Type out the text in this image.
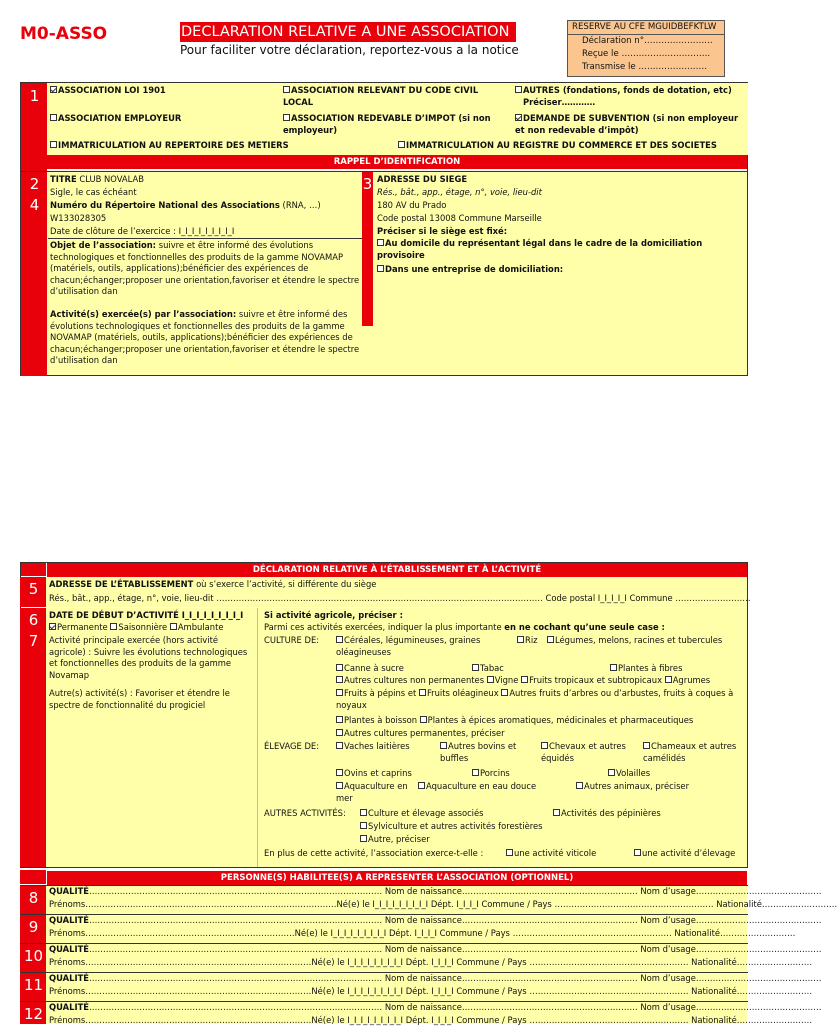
M0-ASSO	DECLARATION RELATIVE A UNE ASSOCIATION
Pour faciliter votre déclaration, reportez-vous a la notice
RESERVE AU CFE MGUIDBEFKTLW
Déclaration n°……………………
Reçue le ………………………….
Transmise le ……………………
1	ASSOCIATION LOI 1901	ASSOCIATION RELEVANT DU CODE CIVIL LOCAL
AUTRES (fondations, fonds de dotation, etc)
Préciser…………
ASSOCIATION EMPLOYEUR	ASSOCIATION REDEVABLE D’IMPOT (si non employeur)
DEMANDE DE SUBVENTION (si non employeur et non redevable d’impôt)
IMMATRICULATION AU REPERTOIRE DES METIERS	IMMATRICULATION AU REGISTRE DU COMMERCE ET DES SOCIETES
RAPPEL D’IDENTIFICATION
2
4
3
TITRE CLUB NOVALAB
Sigle, le cas échéant
Numéro du Répertoire National des Associations (RNA, …)
W133028305
Date de clôture de l’exercice : I_I_I_I_I_I_I_I_I
Objet de l’association: suivre et être informé des évolutions technologiques et fonctionnelles des produits de la gamme NOVAMAP (matériels, outils, applications);bénéficier des expériences de chacun;échanger;proposer une orientation,favoriser et étendre le spectre d’utilisation dan
Activité(s) exercée(s) par l’association: suivre et être informé des évolutions technologiques et fonctionnelles des produits de la gamme NOVAMAP (matériels, outils, applications);bénéficier des expériences de chacun;échanger;proposer une orientation,favoriser et étendre le spectre d’utilisation dan
ADRESSE DU SIEGE
Rés., bât., app., étage, n°, voie, lieu-dit
180 AV du Prado
Code postal 13008 Commune Marseille
Préciser si le siège est fixé:
Au domicile du représentant légal dans le cadre de la domiciliation provisoire
Dans une entreprise de domiciliation:
DÉCLARATION RELATIVE À L’ÉTABLISSEMENT ET À L’ACTIVITÉ
5	ADRESSE DE L’ÉTABLISSEMENT où s’exerce l’activité, si différente du siège
Rés., bât., app., étage, n°, voie, lieu-dit ……………………………………………………………………………………………………… Code postal I_I_I_I_I Commune ………………………
6
7
DATE DE DÉBUT D’ACTIVITÉ I_I_I_I_I_I_I_I_I
Permanente Saisonnière Ambulante
Activité principale exercée (hors activité agricole) : Suivre les évolutions technologiques et fonctionnelles des produits de la gamme Novamap
Autre(s) activité(s) : Favoriser et étendre le spectre de fonctionnalité du progiciel
Si activité agricole, préciser :
Parmi ces activités exercées, indiquer la plus importante en ne cochant qu’une seule case :
CULTURE DE:	Céréales, légumineuses, graines oléagineuses
Riz	Légumes, melons, racines et tubercules
Canne à sucre	Tabac	Plantes à fibres
Autres cultures non permanentes Vigne Fruits tropicaux et subtropicaux Agrumes
Fruits à pépins et Fruits oléagineux Autres fruits d’arbres ou d’arbustes, fruits à coques à noyaux
Plantes à boisson Plantes à épices aromatiques, médicinales et pharmaceutiques
Autres cultures permanentes, préciser
ÉLEVAGE DE:	Vaches laitières	Autres bovins et buffles
Chevaux et autres équidés
Chameaux et autres camélidés
Ovins et caprins	Porcins	Volailles
Aquaculture en mer
Aquaculture en eau douce	Autres animaux, préciser
AUTRES ACTIVITÉS:	Culture et élevage associés	Activités des pépinières
Sylviculture et autres activités forestières
Autre, préciser
En plus de cette activité, l’association exerce-t-elle :	une activité viticole	une activité d’élevage
PERSONNE(S) HABILITEE(S) A REPRESENTER L’ASSOCIATION (OPTIONNEL)
8	QUALITÉ…………………………………………………………………………………………… Nom de naissance……………………………………………………… Nom d’usage………………………………………
Prénoms………………………………………………………………………………Né(e) le I_I_I_I_I_I_I_I_I Dépt. I_I_I_I Commune / Pays ………………………………………………… Nationalité………………………
9	QUALITÉ…………………………………………………………………………………………… Nom de naissance……………………………………………………… Nom d’usage………………………………………
Prénoms…………………………………………………………………Né(e) le I_I_I_I_I_I_I_I_I Dépt. I_I_I_I Commune / Pays ………………………………………………… Nationalité………………………
10 QUALITÉ…………………………………………………………………………………………… Nom de naissance……………………………………………………… Nom d’usage………………………………………
Prénoms………………………………………………………………………Né(e) le I_I_I_I_I_I_I_I_I Dépt. I_I_I_I Commune / Pays ………………………………………………… Nationalité………………………
11 QUALITÉ…………………………………………………………………………………………… Nom de naissance……………………………………………………… Nom d’usage………………………………………
Prénoms………………………………………………………………………Né(e) le I_I_I_I_I_I_I_I_I Dépt. I_I_I_I Commune / Pays ………………………………………………… Nationalité………………………
12 QUALITÉ…………………………………………………………………………………………… Nom de naissance……………………………………………………… Nom d’usage………………………………………
Prénoms………………………………………………………………………Né(e) le I_I_I_I_I_I_I_I_I Dépt. I_I_I_I Commune / Pays ………………………………………………… Nationalité………………………
